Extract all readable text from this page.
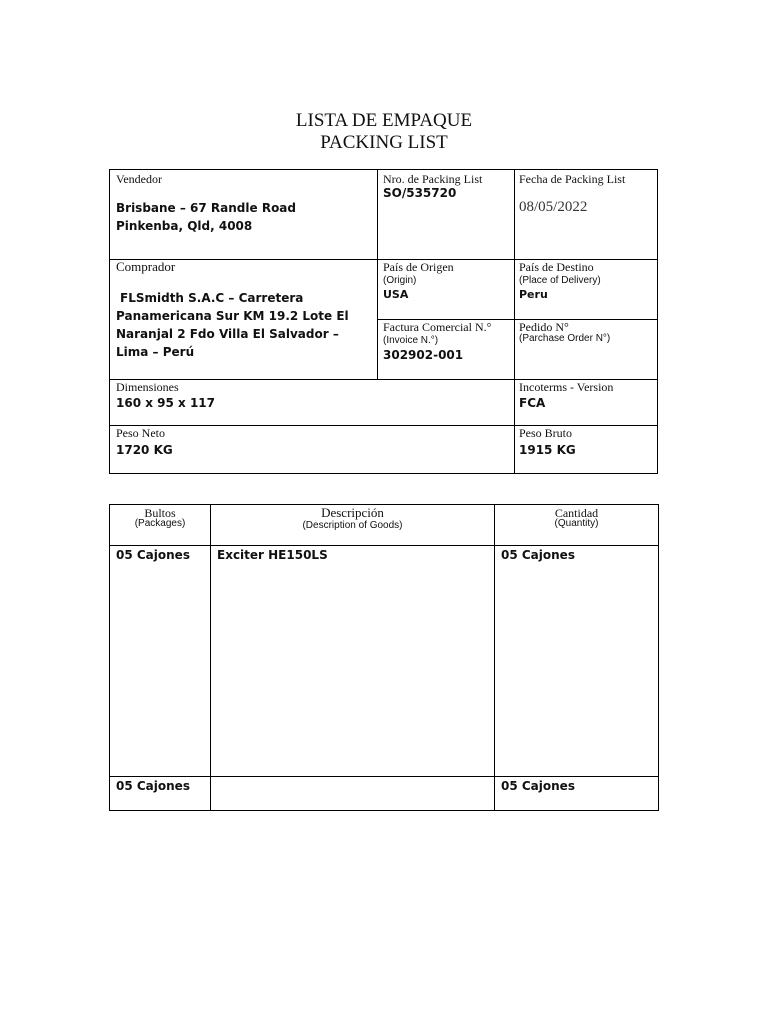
LISTA DE EMPAQUE
PACKING LIST
Vendedor
Brisbane – 67 Randle Road Pinkenba, Qld, 4008
Nro. de Packing List
SO/535720
Fecha de Packing List
08/05/2022
Comprador
FLSmidth S.A.C – Carretera Panamericana Sur KM 19.2 Lote El Naranjal 2 Fdo Villa El Salvador – Lima – Perú
País de Origen
(Origin)
USA
País de Destino
(Place of Delivery)
Peru
Factura Comercial N.°
(Invoice N.°)
302902-001
Pedido N°
(Parchase Order N°)
Dimensiones
160 x 95 x 117
Incoterms - Version
FCA
Peso Neto
1720 KG
Peso Bruto
1915 KG
Bultos
(Packages)
Descripción
(Description of Goods)
Cantidad
(Quantity)
05 Cajones Exciter HE150LS	05 Cajones
05 Cajones	05 Cajones
